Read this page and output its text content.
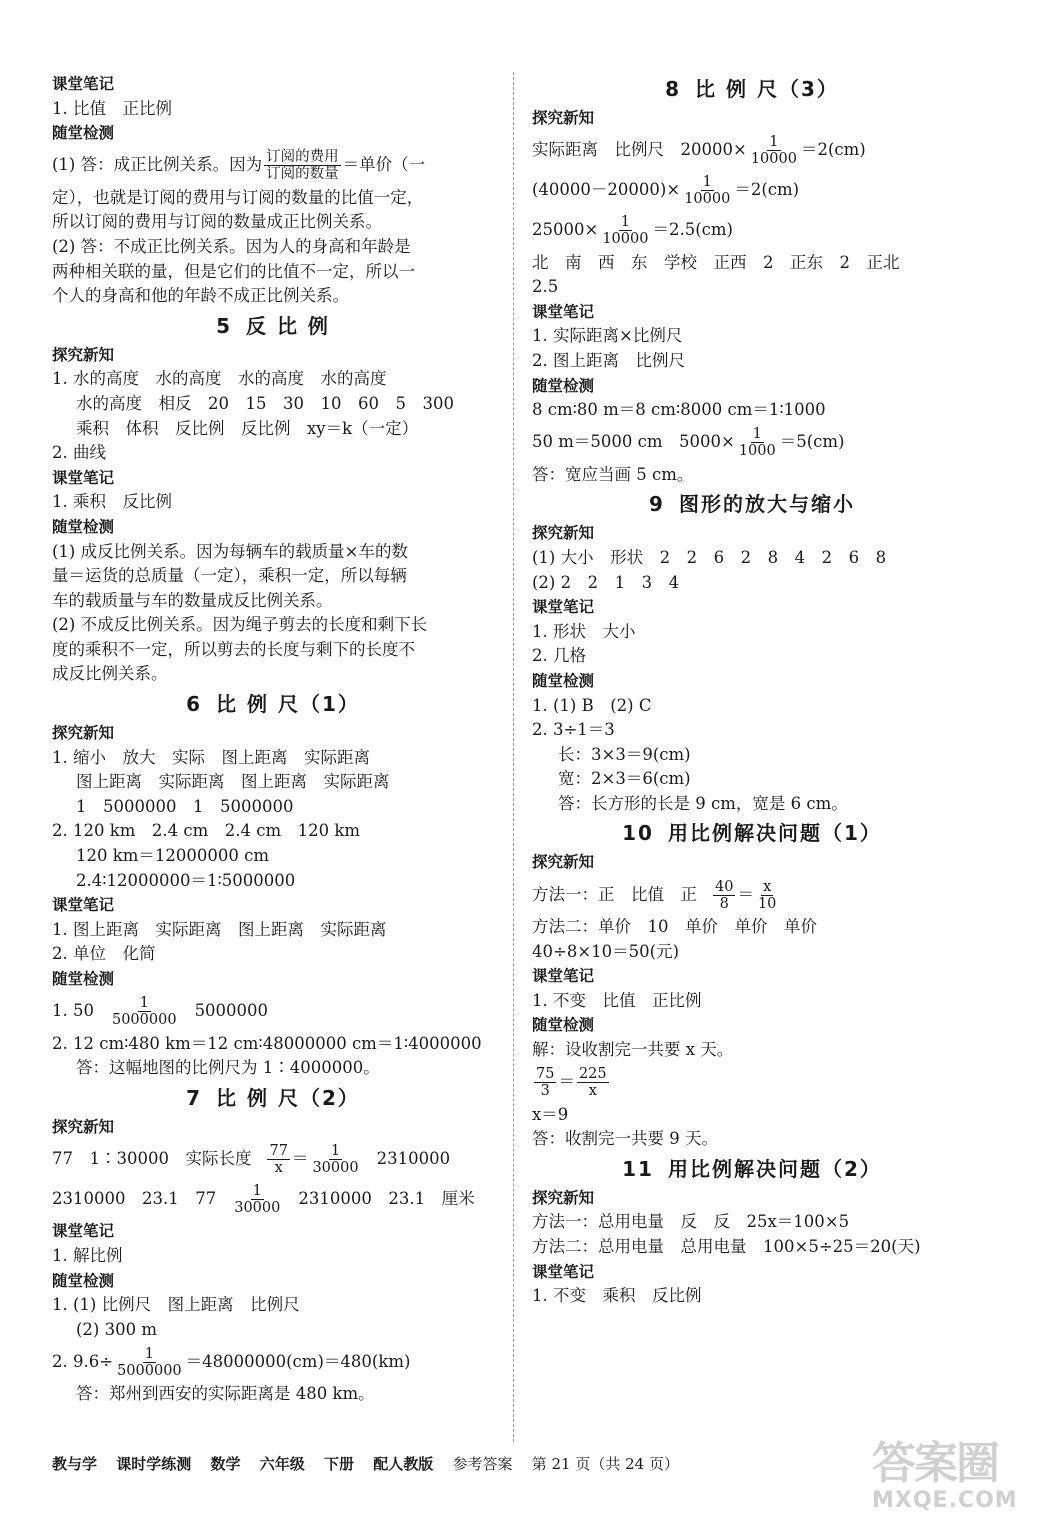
课堂笔记
1. 比值　正比例
随堂检测
(1) 答：成正比例关系。因为 $\frac{\text{订阅的费用}}{\text{订阅的数量}}$ ＝单价（一
定），也就是订阅的费用与订阅的数量的比值一定，
所以订阅的费用与订阅的数量成正比例关系。
(2) 答：不成正比例关系。因为人的身高和年龄是
两种相关联的量，但是它们的比值不一定，所以一
个人的身高和他的年龄不成正比例关系。
5 反 比 例
探究新知
1. 水的高度　水的高度　水的高度　水的高度
水的高度　相反　20　15　30　10　60　5　300
乘积　体积　反比例　反比例　xy＝k（一定）
2. 曲线
课堂笔记
1. 乘积　反比例
随堂检测
(1) 成反比例关系。因为每辆车的载质量×车的数
量＝运货的总质量（一定），乘积一定，所以每辆
车的载质量与车的数量成反比例关系。
(2) 不成反比例关系。因为绳子剪去的长度和剩下长
度的乘积不一定，所以剪去的长度与剩下的长度不
成反比例关系。
6 比 例 尺（1）
探究新知
1. 缩小　放大　实际　图上距离　实际距离
图上距离　实际距离　图上距离　实际距离
1　5000000　1　5000000
2. 120 km　2.4 cm　2.4 cm　120 km
120 km＝12000000 cm
2.4∶12000000＝1∶5000000
课堂笔记
1. 图上距离　实际距离　图上距离　实际距离
2. 单位　化简
随堂检测
1. $50 \frac{1}{5000000} 5000000$
2. 12 cm∶480 km＝12 cm∶48000000 cm＝1∶4000000
答：这幅地图的比例尺为 1∶4000000。
7 比 例 尺（2）
探究新知
77　1∶30000　实际长度 $\frac{77}{x} = \frac{1}{30000} 2310000$
2310000　23.1　$77 \frac{1}{30000} 2310000$　23.1　厘米
课堂笔记
1. 解比例
随堂检测
1. (1) 比例尺　图上距离　比例尺
(2) 300 m
2. $9.6\div \frac{1}{5000000} =48000000(cm)=480(km)$
答：郑州到西安的实际距离是 480 km。
8 比 例 尺（3）
探究新知
实际距离　比例尺　$20000\times \frac{1}{10000} =2(cm)$
$(40000-20000)\times \frac{1}{10000} =2(cm)$
$25000\times \frac{1}{10000} =2.5(cm)$
北　南　西　东　学校　正西　2　正东　2　正北
2.5
课堂笔记
1. 实际距离×比例尺
2. 图上距离　比例尺
随堂检测
8 cm∶80 m＝8 cm∶8000 cm＝1∶1000
50 m＝5000 cm　$5000\times \frac{1}{1000} =5(cm)$
答：宽应当画 5 cm。
9 图形的放大与缩小
探究新知
(1) 大小　形状　2　2　6　2　8　4　2　6　8
(2) 2　2　1　3　4
课堂笔记
1. 形状　大小
2. 几格
随堂检测
1. (1) B　(2) C
2. 3÷1＝3
长：3×3＝9(cm)
宽：2×3＝6(cm)
答：长方形的长是 9 cm，宽是 6 cm。
10 用比例解决问题（1）
探究新知
方法一：正　比值　正 $\frac{40}{8} = \frac{x}{10}$
方法二：单价　10　单价　单价　单价
40÷8×10＝50(元)
课堂笔记
1. 不变　比值　正比例
随堂检测
解：设收割完一共要 x 天。
$\frac{75}{3} = \frac{225}{x}$
x＝9
答：收割完一共要 9 天。
11 用比例解决问题（2）
探究新知
方法一：总用电量　反　反　25x＝100×5
方法二：总用电量　总用电量　100×5÷25＝20(天)
课堂笔记
1. 不变　乘积　反比例
教与学 课时学练测 数学 六年级 下册 配人教版 参考答案 第 21 页（共 24 页）	答案圈
MXQE.COM
